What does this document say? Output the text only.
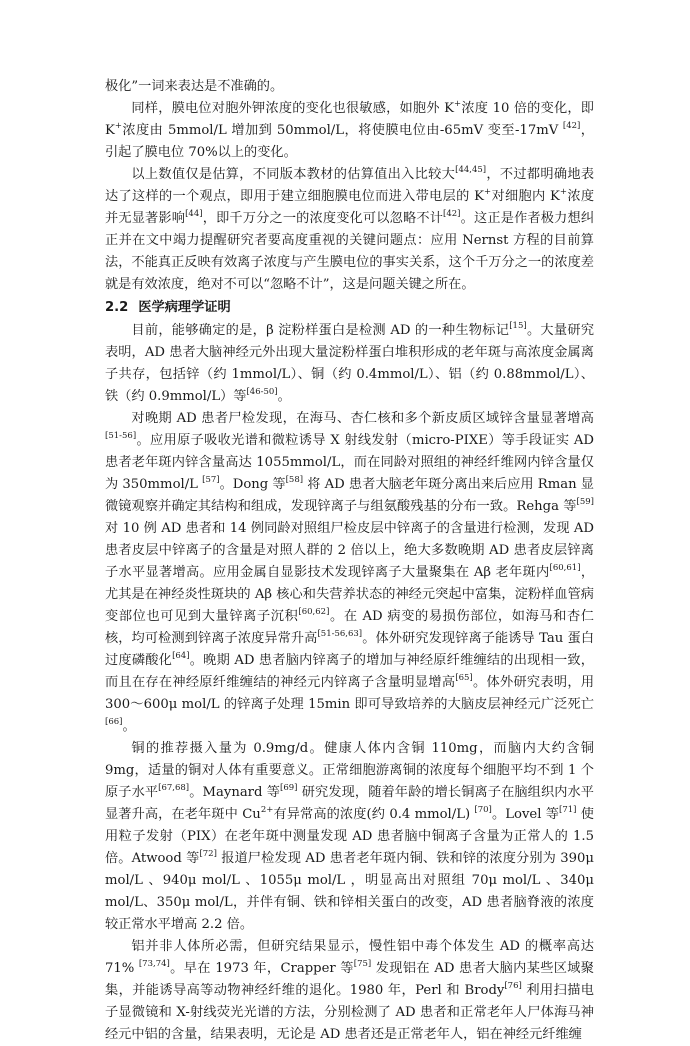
极化”一词来表达是不准确的。

同样，膜电位对胞外钾浓度的变化也很敏感，如胞外 K+浓度 10 倍的变化，即 K+浓度由 5mmol/L 增加到 50mmol/L，将使膜电位由-65mV 变至-17mV [42]，引起了膜电位 70%以上的变化。

以上数值仅是估算，不同版本教材的估算值出入比较大[44,45]，不过都明确地表达了这样的一个观点，即用于建立细胞膜电位而进入带电层的 K+对细胞内 K+浓度并无显著影响[44]，即千万分之一的浓度变化可以忽略不计[42]。这正是作者极力想纠正并在文中竭力提醒研究者要高度重视的关键问题点：应用 Nernst 方程的目前算法，不能真正反映有效离子浓度与产生膜电位的事实关系，这个千万分之一的浓度差就是有效浓度，绝对不可以“忽略不计”，这是问题关键之所在。

2.2 医学病理学证明

目前，能够确定的是，β 淀粉样蛋白是检测 AD 的一种生物标记[15]。大量研究表明，AD 患者大脑神经元外出现大量淀粉样蛋白堆积形成的老年斑与高浓度金属离子共存，包括锌（约 1mmol/L）、铜（约 0.4mmol/L）、铝（约 0.88mmol/L）、铁（约 0.9mmol/L）等[46-50]。

对晚期 AD 患者尸检发现，在海马、杏仁核和多个新皮质区域锌含量显著增高[51-56]。应用原子吸收光谱和微粒诱导 X 射线发射（micro-PIXE）等手段证实 AD 患者老年斑内锌含量高达 1055mmol/L，而在同龄对照组的神经纤维网内锌含量仅为 350mmol/L [57]。Dong 等[58] 将 AD 患者大脑老年斑分离出来后应用 Rman 显微镜观察并确定其结构和组成，发现锌离子与组氨酸残基的分布一致。Rehga 等[59] 对 10 例 AD 患者和 14 例同龄对照组尸检皮层中锌离子的含量进行检测，发现 AD 患者皮层中锌离子的含量是对照人群的 2 倍以上，绝大多数晚期 AD 患者皮层锌离子水平显著增高。应用金属自显影技术发现锌离子大量聚集在 Aβ 老年斑内[60,61]，尤其是在神经炎性斑块的 Aβ 核心和失营养状态的神经元突起中富集，淀粉样血管病变部位也可见到大量锌离子沉积[60,62]。在 AD 病变的易损伤部位，如海马和杏仁核，均可检测到锌离子浓度异常升高[51-56,63]。体外研究发现锌离子能诱导 Tau 蛋白过度磷酸化[64]。晚期 AD 患者脑内锌离子的增加与神经原纤维缠结的出现相一致，而且在存在神经原纤维缠结的神经元内锌离子含量明显增高[65]。体外研究表明，用 300～600μ mol/L 的锌离子处理 15min 即可导致培养的大脑皮层神经元广泛死亡[66]。

铜的推荐摄入量为 0.9mg/d。健康人体内含铜 110mg，而脑内大约含铜 9mg，适量的铜对人体有重要意义。正常细胞游离铜的浓度每个细胞平均不到 1 个原子水平[67,68]。Maynard 等[69] 研究发现，随着年龄的增长铜离子在脑组织内水平显著升高，在老年斑中 $Cu^{2+}$有异常高的浓度(约 0.4 mmol/L) [70]。Lovel 等[71] 使用粒子发射（PIX）在老年斑中测量发现 AD 患者脑中铜离子含量为正常人的 1.5 倍。Atwood 等[72] 报道尸检发现 AD 患者老年斑内铜、铁和锌的浓度分别为 390μ mol/L 、940μ mol/L 、1055μ mol/L ，明显高出对照组 70μ mol/L 、340μ mol/L、350μ mol/L，并伴有铜、铁和锌相关蛋白的改变，AD 患者脑脊液的浓度较正常水平增高 2.2 倍。

铝并非人体所必需，但研究结果显示，慢性铝中毒个体发生 AD 的概率高达 71% [73,74]。早在 1973 年，Crapper 等[75] 发现铝在 AD 患者大脑内某些区域聚集，并能诱导高等动物神经纤维的退化。1980 年，Perl 和 Brody[76] 利用扫描电子显微镜和 X-射线荧光光谱的方法，分别检测了 AD 患者和正常老年人尸体海马神经元中铝的含量，结果表明，无论是 AD 患者还是正常老年人，铝在神经元纤维缠
